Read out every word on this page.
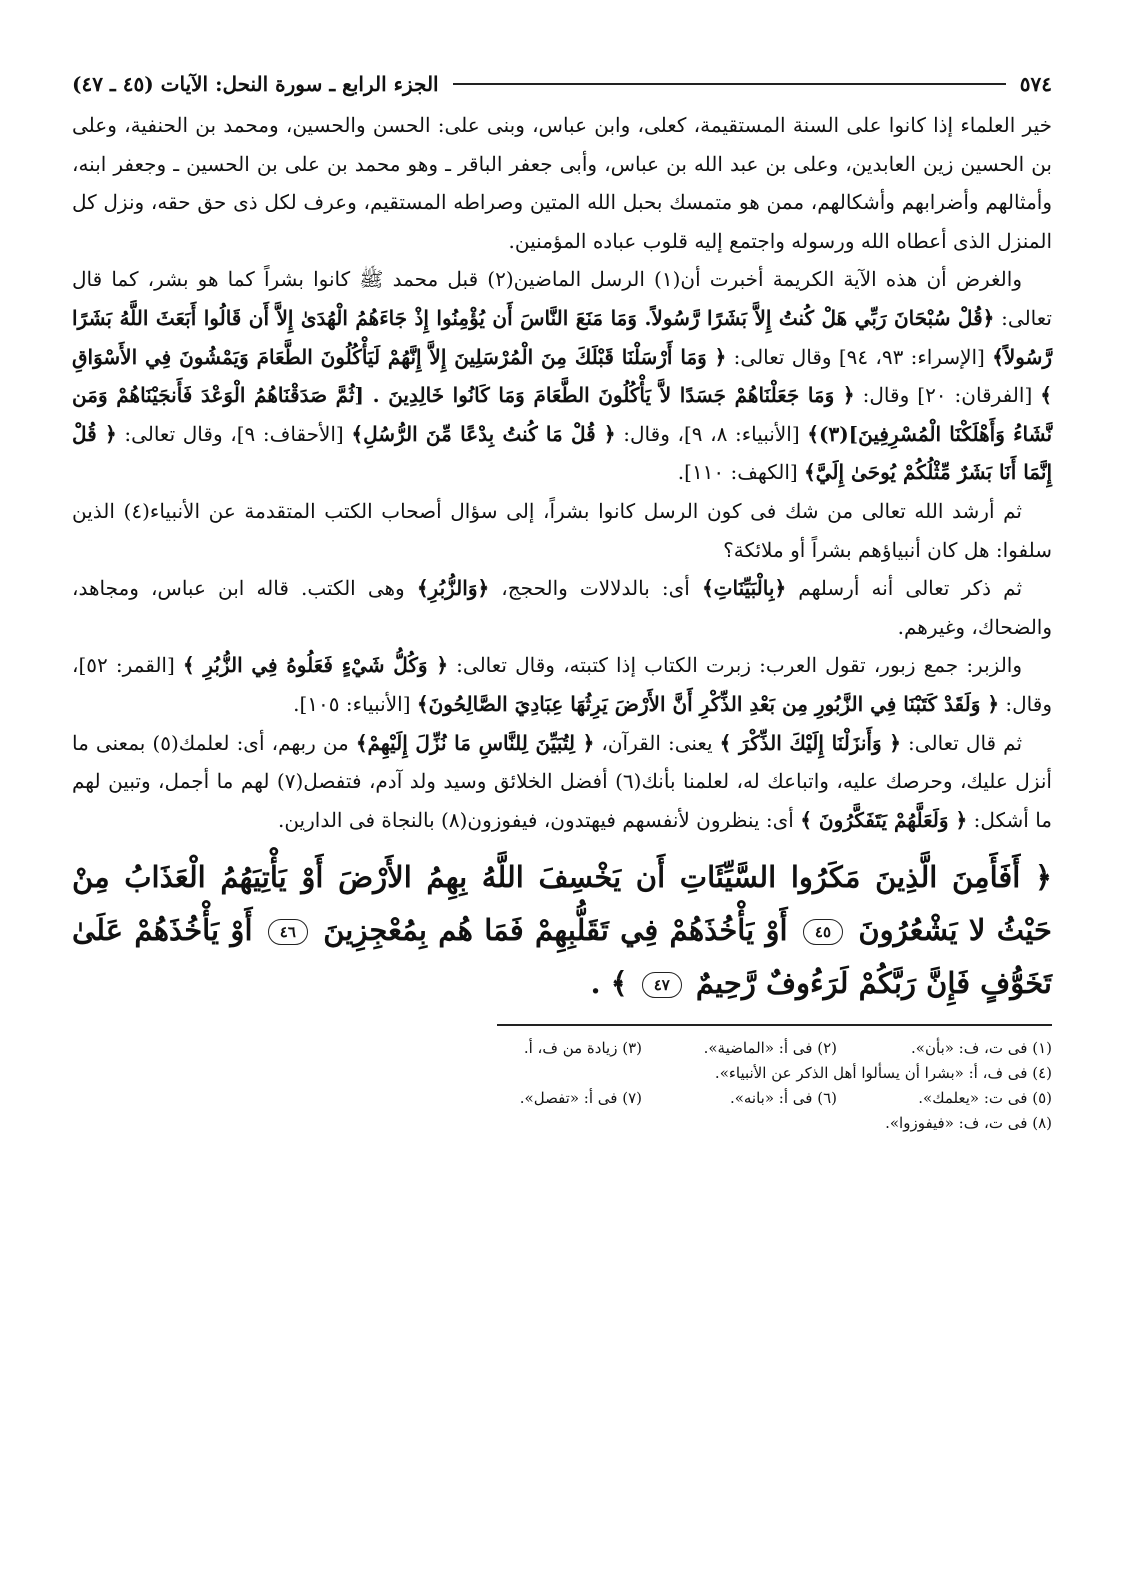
٥٧٤
الجزء الرابع ـ سورة النحل: الآيات (٤٥ ـ ٤٧)

خير العلماء إذا كانوا على السنة المستقيمة، كعلى، وابن عباس، وبنى على: الحسن والحسين، ومحمد بن الحنفية، وعلى بن الحسين زين العابدين، وعلى بن عبد الله بن عباس، وأبى جعفر الباقر ـ وهو محمد بن على بن الحسين ـ وجعفر ابنه، وأمثالهم وأضرابهم وأشكالهم، ممن هو متمسك بحبل الله المتين وصراطه المستقيم، وعرف لكل ذى حق حقه، ونزل كل المنزل الذى أعطاه الله ورسوله واجتمع إليه قلوب عباده المؤمنين.

والغرض أن هذه الآية الكريمة أخبرت أن(١) الرسل الماضين(٢) قبل محمد ﷺ كانوا بشراً كما هو بشر، كما قال تعالى: ﴿قُلْ سُبْحَانَ رَبِّي هَلْ كُنتُ إِلاَّ بَشَرًا رَّسُولاً. وَمَا مَنَعَ النَّاسَ أَن يُؤْمِنُوا إِذْ جَاءَهُمُ الْهُدَىٰ إِلاَّ أَن قَالُوا أَبَعَثَ اللَّهُ بَشَرًا رَّسُولاً﴾ [الإسراء: ٩٣، ٩٤] وقال تعالى: ﴿ وَمَا أَرْسَلْنَا قَبْلَكَ مِنَ الْمُرْسَلِينَ إِلاَّ إِنَّهُمْ لَيَأْكُلُونَ الطَّعَامَ وَيَمْشُونَ فِي الأَسْوَاقِ ﴾ [الفرقان: ٢٠] وقال: ﴿ وَمَا جَعَلْنَاهُمْ جَسَدًا لاَّ يَأْكُلُونَ الطَّعَامَ وَمَا كَانُوا خَالِدِينَ . [ثُمَّ صَدَقْنَاهُمُ الْوَعْدَ فَأَنجَيْنَاهُمْ وَمَن نَّشَاءُ وَأَهْلَكْنَا الْمُسْرِفِينَ](٣)﴾ [الأنبياء: ٨، ٩]، وقال: ﴿ قُلْ مَا كُنتُ بِدْعًا مِّنَ الرُّسُلِ﴾ [الأحقاف: ٩]، وقال تعالى: ﴿ قُلْ إِنَّمَا أَنَا بَشَرٌ مِّثْلُكُمْ يُوحَىٰ إِلَيَّ﴾ [الكهف: ١١٠].

ثم أرشد الله تعالى من شك فى كون الرسل كانوا بشراً، إلى سؤال أصحاب الكتب المتقدمة عن الأنبياء(٤) الذين سلفوا: هل كان أنبياؤهم بشراً أو ملائكة؟

ثم ذكر تعالى أنه أرسلهم ﴿بِالْبَيِّنَاتِ﴾ أى: بالدلالات والحجج، ﴿وَالزُّبُرِ﴾ وهى الكتب. قاله ابن عباس، ومجاهد، والضحاك، وغيرهم.

والزبر: جمع زبور، تقول العرب: زبرت الكتاب إذا كتبته، وقال تعالى: ﴿ وَكُلُّ شَيْءٍ فَعَلُوهُ فِي الزُّبُرِ ﴾ [القمر: ٥٢]، وقال: ﴿ وَلَقَدْ كَتَبْنَا فِي الزَّبُورِ مِن بَعْدِ الذِّكْرِ أَنَّ الأَرْضَ يَرِثُهَا عِبَادِيَ الصَّالِحُونَ﴾ [الأنبياء: ١٠٥].

ثم قال تعالى: ﴿ وَأَنزَلْنَا إِلَيْكَ الذِّكْرَ ﴾ يعنى: القرآن، ﴿ لِتُبَيِّنَ لِلنَّاسِ مَا نُزِّلَ إِلَيْهِمْ﴾ من ربهم، أى: لعلمك(٥) بمعنى ما أنزل عليك، وحرصك عليه، واتباعك له، لعلمنا بأنك(٦) أفضل الخلائق وسيد ولد آدم، فتفصل(٧) لهم ما أجمل، وتبين لهم ما أشكل: ﴿ وَلَعَلَّهُمْ يَتَفَكَّرُونَ ﴾ أى: ينظرون لأنفسهم فيهتدون، فيفوزون(٨) بالنجاة فى الدارين.

﴿ أَفَأَمِنَ الَّذِينَ مَكَرُوا السَّيِّئَاتِ أَن يَخْسِفَ اللَّهُ بِهِمُ الأَرْضَ أَوْ يَأْتِيَهُمُ الْعَذَابُ مِنْ حَيْثُ لا يَشْعُرُونَ ٤٥ أَوْ يَأْخُذَهُمْ فِي تَقَلُّبِهِمْ فَمَا هُم بِمُعْجِزِينَ ٤٦ أَوْ يَأْخُذَهُمْ عَلَىٰ تَخَوُّفٍ فَإِنَّ رَبَّكُمْ لَرَءُوفٌ رَّحِيمٌ ٤٧ ﴾ .
(١) فى ت، ف: «بأن».
(٢) فى أ: «الماضية».
(٣) زيادة من ف، أ.
(٤) فى ف، أ: «بشرا أن يسألوا أهل الذكر عن الأنبياء».
(٥) فى ت: «يعلمك».
(٦) فى أ: «بانه».
(٧) فى أ: «تفصل».
(٨) فى ت، ف: «فيفوزوا».
